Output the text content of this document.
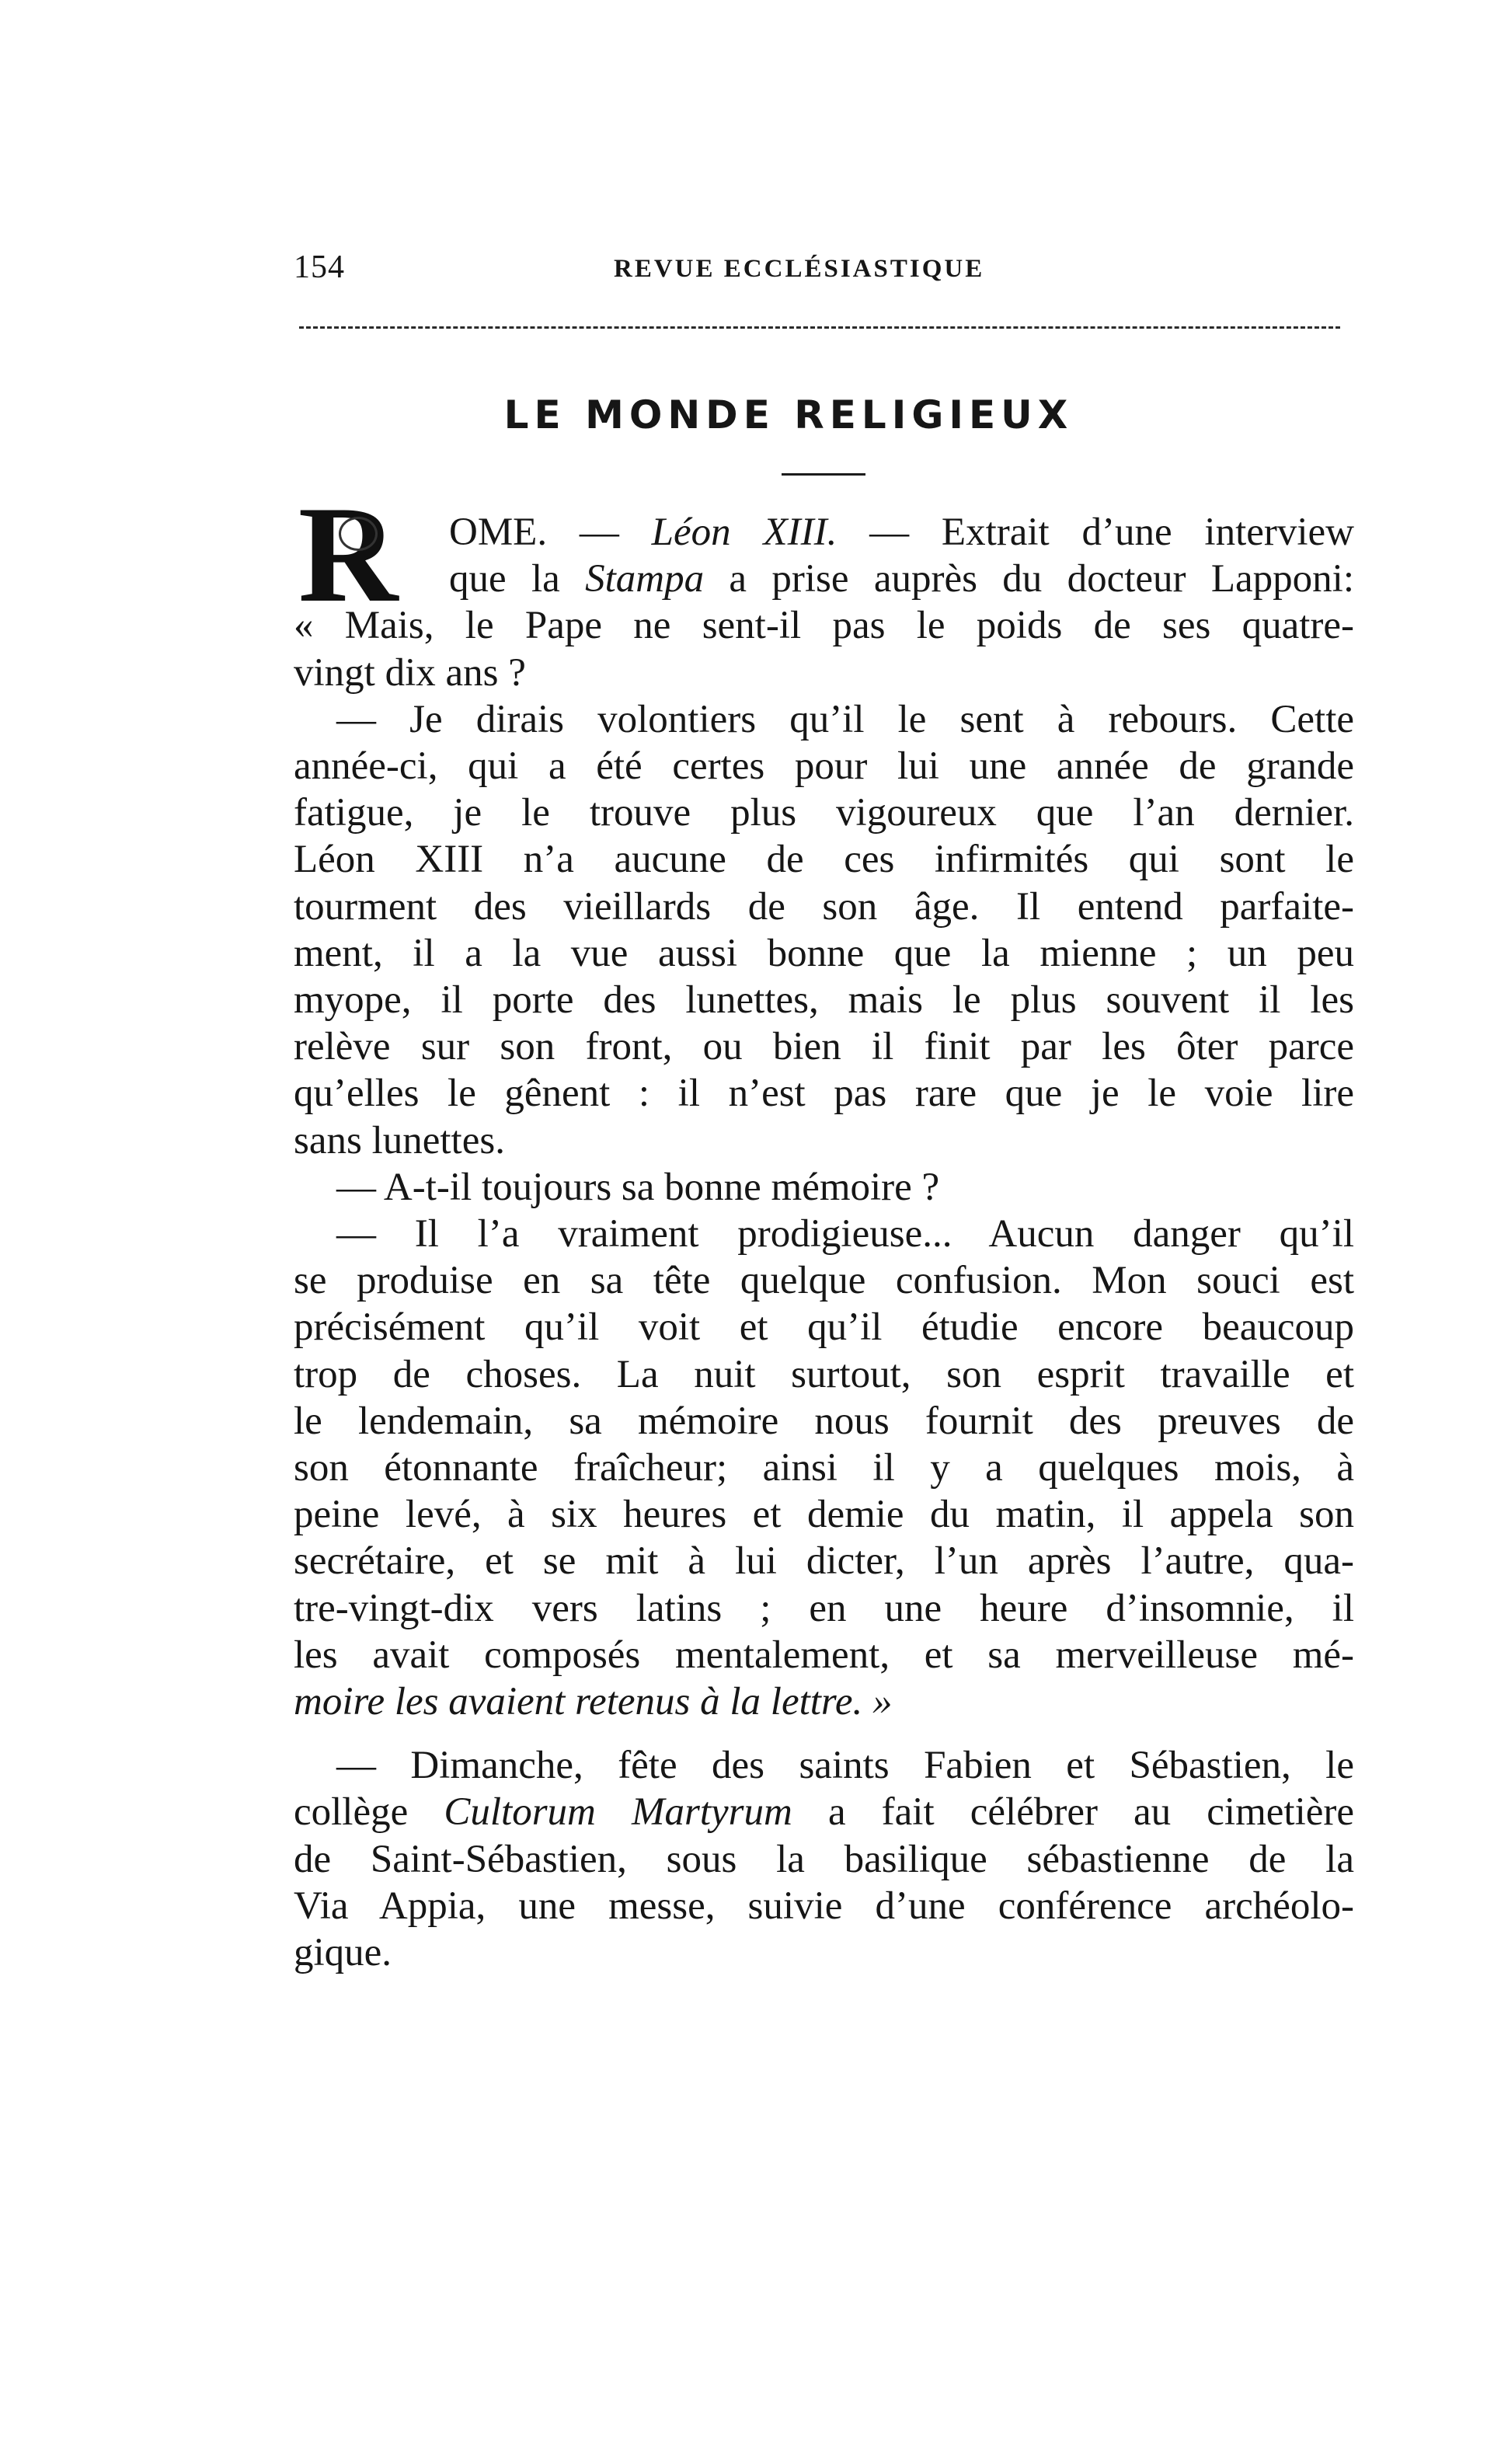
154	REVUE ECCLÉSIASTIQUE
LE MONDE RELIGIEUX
R	OME. — Léon XIII. — Extrait d’une interview

que la Stampa a prise auprès du docteur Lapponi:

« Mais, le Pape ne sent-il pas le poids de ses quatre-

vingt dix ans ?

— Je dirais volontiers qu’il le sent à rebours. Cette

année-ci, qui a été certes pour lui une année de grande

fatigue, je le trouve plus vigoureux que l’an dernier.

Léon XIII n’a aucune de ces infirmités qui sont le

tourment des vieillards de son âge. Il entend parfaite-

ment, il a la vue aussi bonne que la mienne ; un peu

myope, il porte des lunettes, mais le plus souvent il les

relève sur son front, ou bien il finit par les ôter parce

qu’elles le gênent : il n’est pas rare que je le voie lire

sans lunettes.

— A-t-il toujours sa bonne mémoire ?

— Il l’a vraiment prodigieuse... Aucun danger qu’il

se produise en sa tête quelque confusion. Mon souci est

précisément qu’il voit et qu’il étudie encore beaucoup

trop de choses. La nuit surtout, son esprit travaille et

le lendemain, sa mémoire nous fournit des preuves de

son étonnante fraîcheur; ainsi il y a quelques mois, à

peine levé, à six heures et demie du matin, il appela son

secrétaire, et se mit à lui dicter, l’un après l’autre, qua-

tre-vingt-dix vers latins ; en une heure d’insomnie, il

les avait composés mentalement, et sa merveilleuse mé-

moire les avaient retenus à la lettre. »

— Dimanche, fête des saints Fabien et Sébastien, le

collège Cultorum Martyrum a fait célébrer au cimetière

de Saint-Sébastien, sous la basilique sébastienne de la

Via Appia, une messe, suivie d’une conférence archéolo-

gique.
